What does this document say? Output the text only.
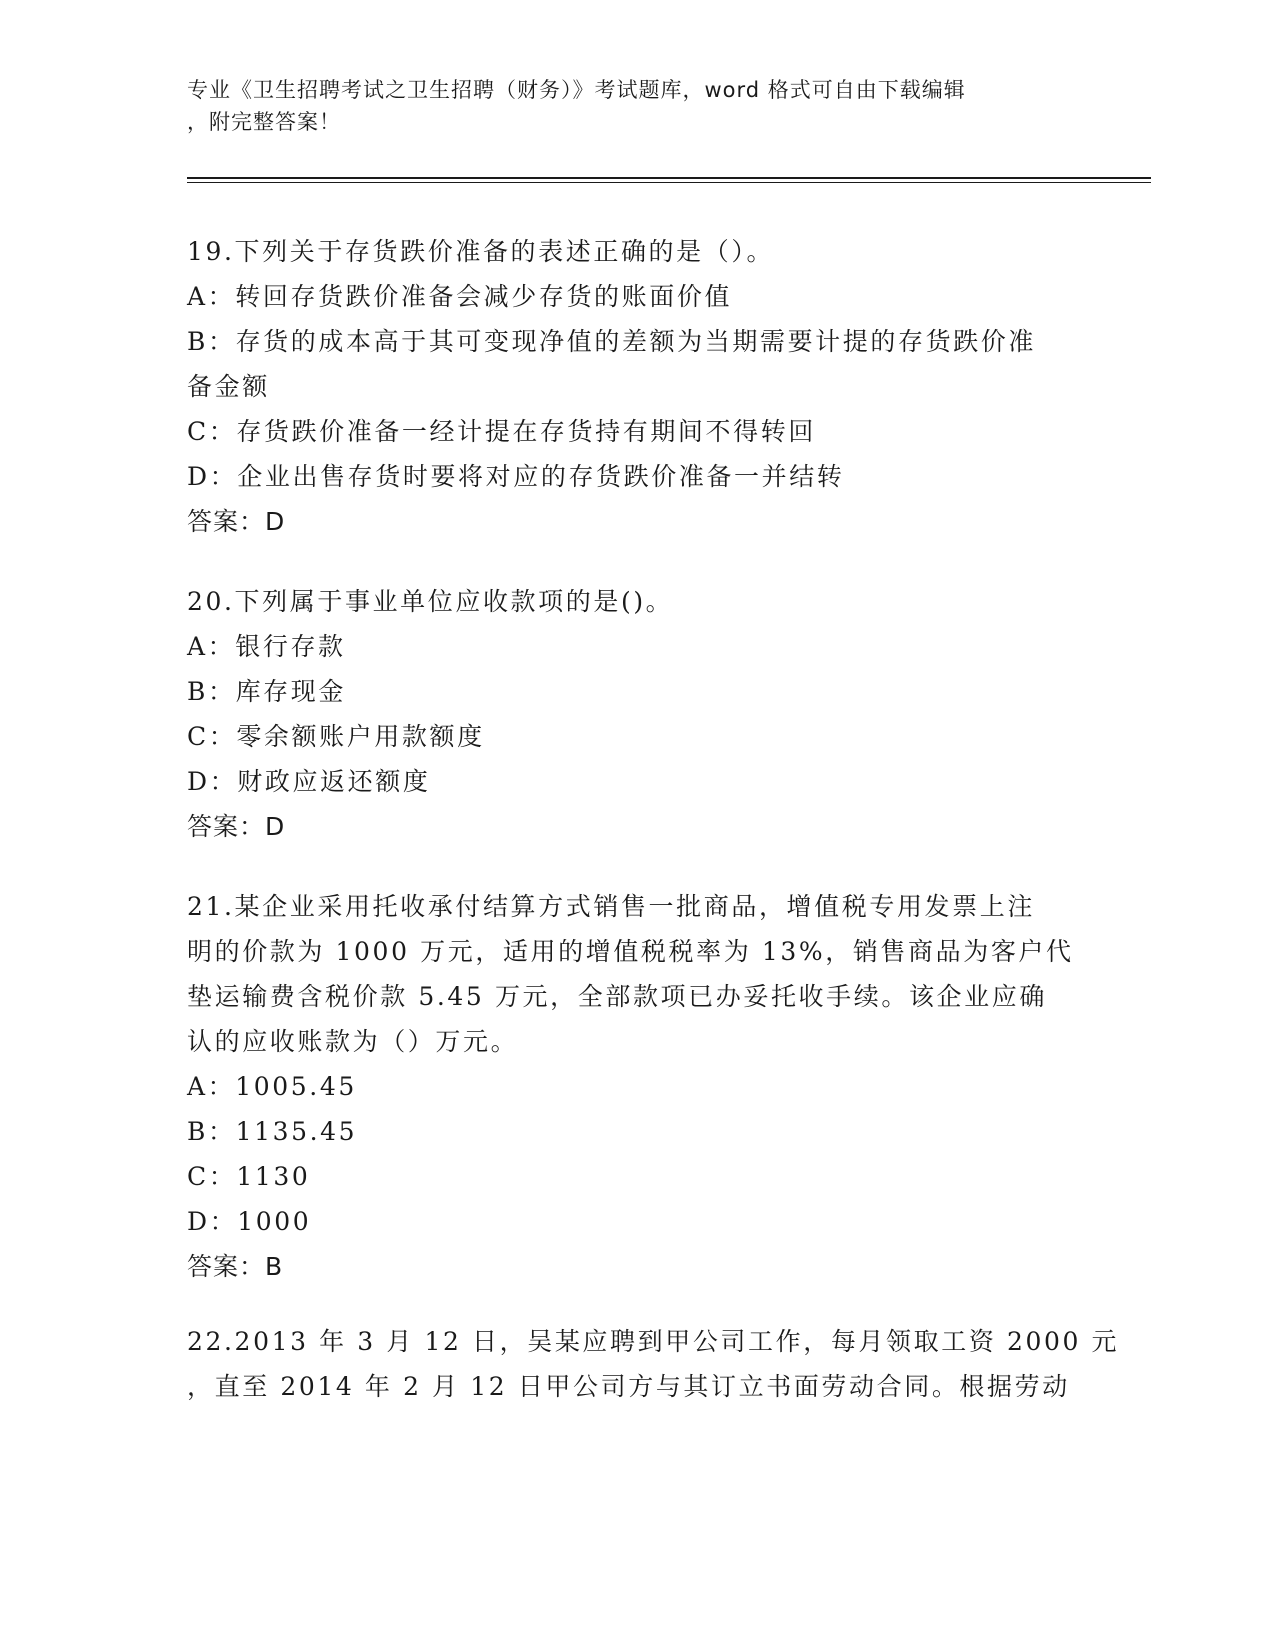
专业《卫生招聘考试之卫生招聘（财务）》考试题库，word 格式可自由下载编辑
，附完整答案！
19.下列关于存货跌价准备的表述正确的是（）。
A：转回存货跌价准备会减少存货的账面价值
B：存货的成本高于其可变现净值的差额为当期需要计提的存货跌价准
备金额
C：存货跌价准备一经计提在存货持有期间不得转回
D：企业出售存货时要将对应的存货跌价准备一并结转
答案：D
20.下列属于事业单位应收款项的是()。
A：银行存款
B：库存现金
C：零余额账户用款额度
D：财政应返还额度
答案：D
21.某企业采用托收承付结算方式销售一批商品，增值税专用发票上注
明的价款为 1000 万元，适用的增值税税率为 13%，销售商品为客户代
垫运输费含税价款 5.45 万元，全部款项已办妥托收手续。该企业应确
认的应收账款为（）万元。
A：1005.45
B：1135.45
C：1130
D：1000
答案：B
22.2013 年 3 月 12 日，吴某应聘到甲公司工作，每月领取工资 2000 元
，直至 2014 年 2 月 12 日甲公司方与其订立书面劳动合同。根据劳动
